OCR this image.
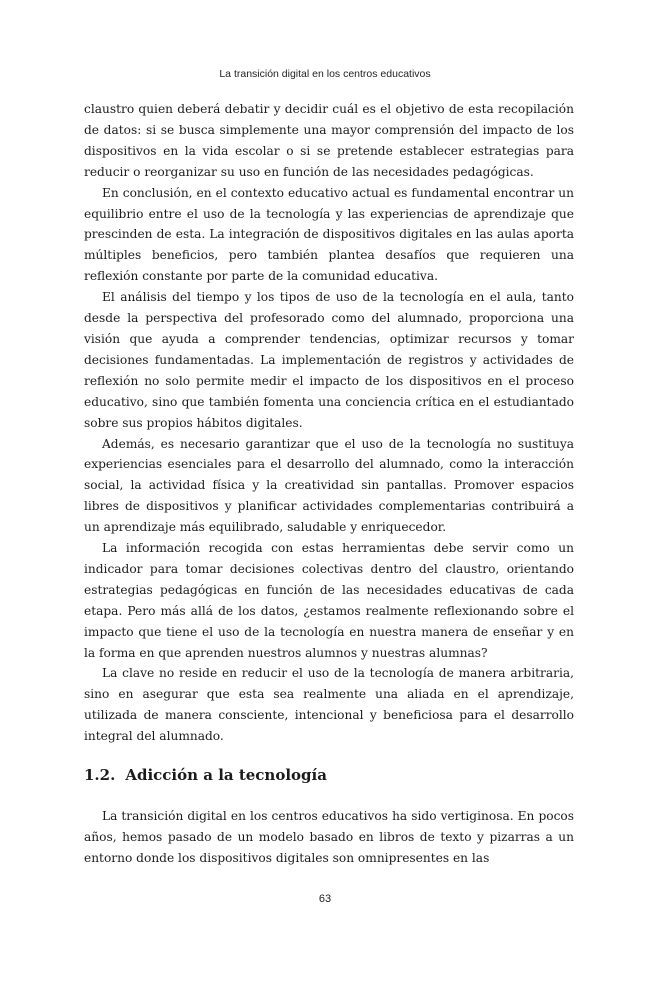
La transición digital en los centros educativos

claustro quien deberá debatir y decidir cuál es el objetivo de esta recopilación de datos: si se busca simplemente una mayor comprensión del impacto de los dispositivos en la vida escolar o si se pretende establecer estrategias para reducir o reorganizar su uso en función de las necesidades pedagógicas.

En conclusión, en el contexto educativo actual es fundamental encontrar un equilibrio entre el uso de la tecnología y las experiencias de aprendizaje que prescinden de esta. La integración de dispositivos digitales en las aulas aporta múltiples beneficios, pero también plantea desafíos que requieren una reflexión constante por parte de la comunidad educativa.

El análisis del tiempo y los tipos de uso de la tecnología en el aula, tanto desde la perspectiva del profesorado como del alumnado, proporciona una visión que ayuda a comprender tendencias, optimizar recursos y tomar decisiones fundamentadas. La implementación de registros y actividades de reflexión no solo permite medir el impacto de los dispositivos en el proceso educativo, sino que también fomenta una conciencia crítica en el estudiantado sobre sus propios hábitos digitales.

Además, es necesario garantizar que el uso de la tecnología no sustituya experiencias esenciales para el desarrollo del alumnado, como la interacción social, la actividad física y la creatividad sin pantallas. Promover espacios libres de dispositivos y planificar actividades complementarias contribuirá a un aprendizaje más equilibrado, saludable y enriquecedor.

La información recogida con estas herramientas debe servir como un indicador para tomar decisiones colectivas dentro del claustro, orientando estrategias pedagógicas en función de las necesidades educativas de cada etapa. Pero más allá de los datos, ¿estamos realmente reflexionando sobre el impacto que tiene el uso de la tecnología en nuestra manera de enseñar y en la forma en que aprenden nuestros alumnos y nuestras alumnas?

La clave no reside en reducir el uso de la tecnología de manera arbitraria, sino en asegurar que esta sea realmente una aliada en el aprendizaje, utilizada de manera consciente, intencional y beneficiosa para el desarrollo integral del alumnado.

1.2. Adicción a la tecnología

La transición digital en los centros educativos ha sido vertiginosa. En pocos años, hemos pasado de un modelo basado en libros de texto y pizarras a un entorno donde los dispositivos digitales son omnipresentes en las

63
